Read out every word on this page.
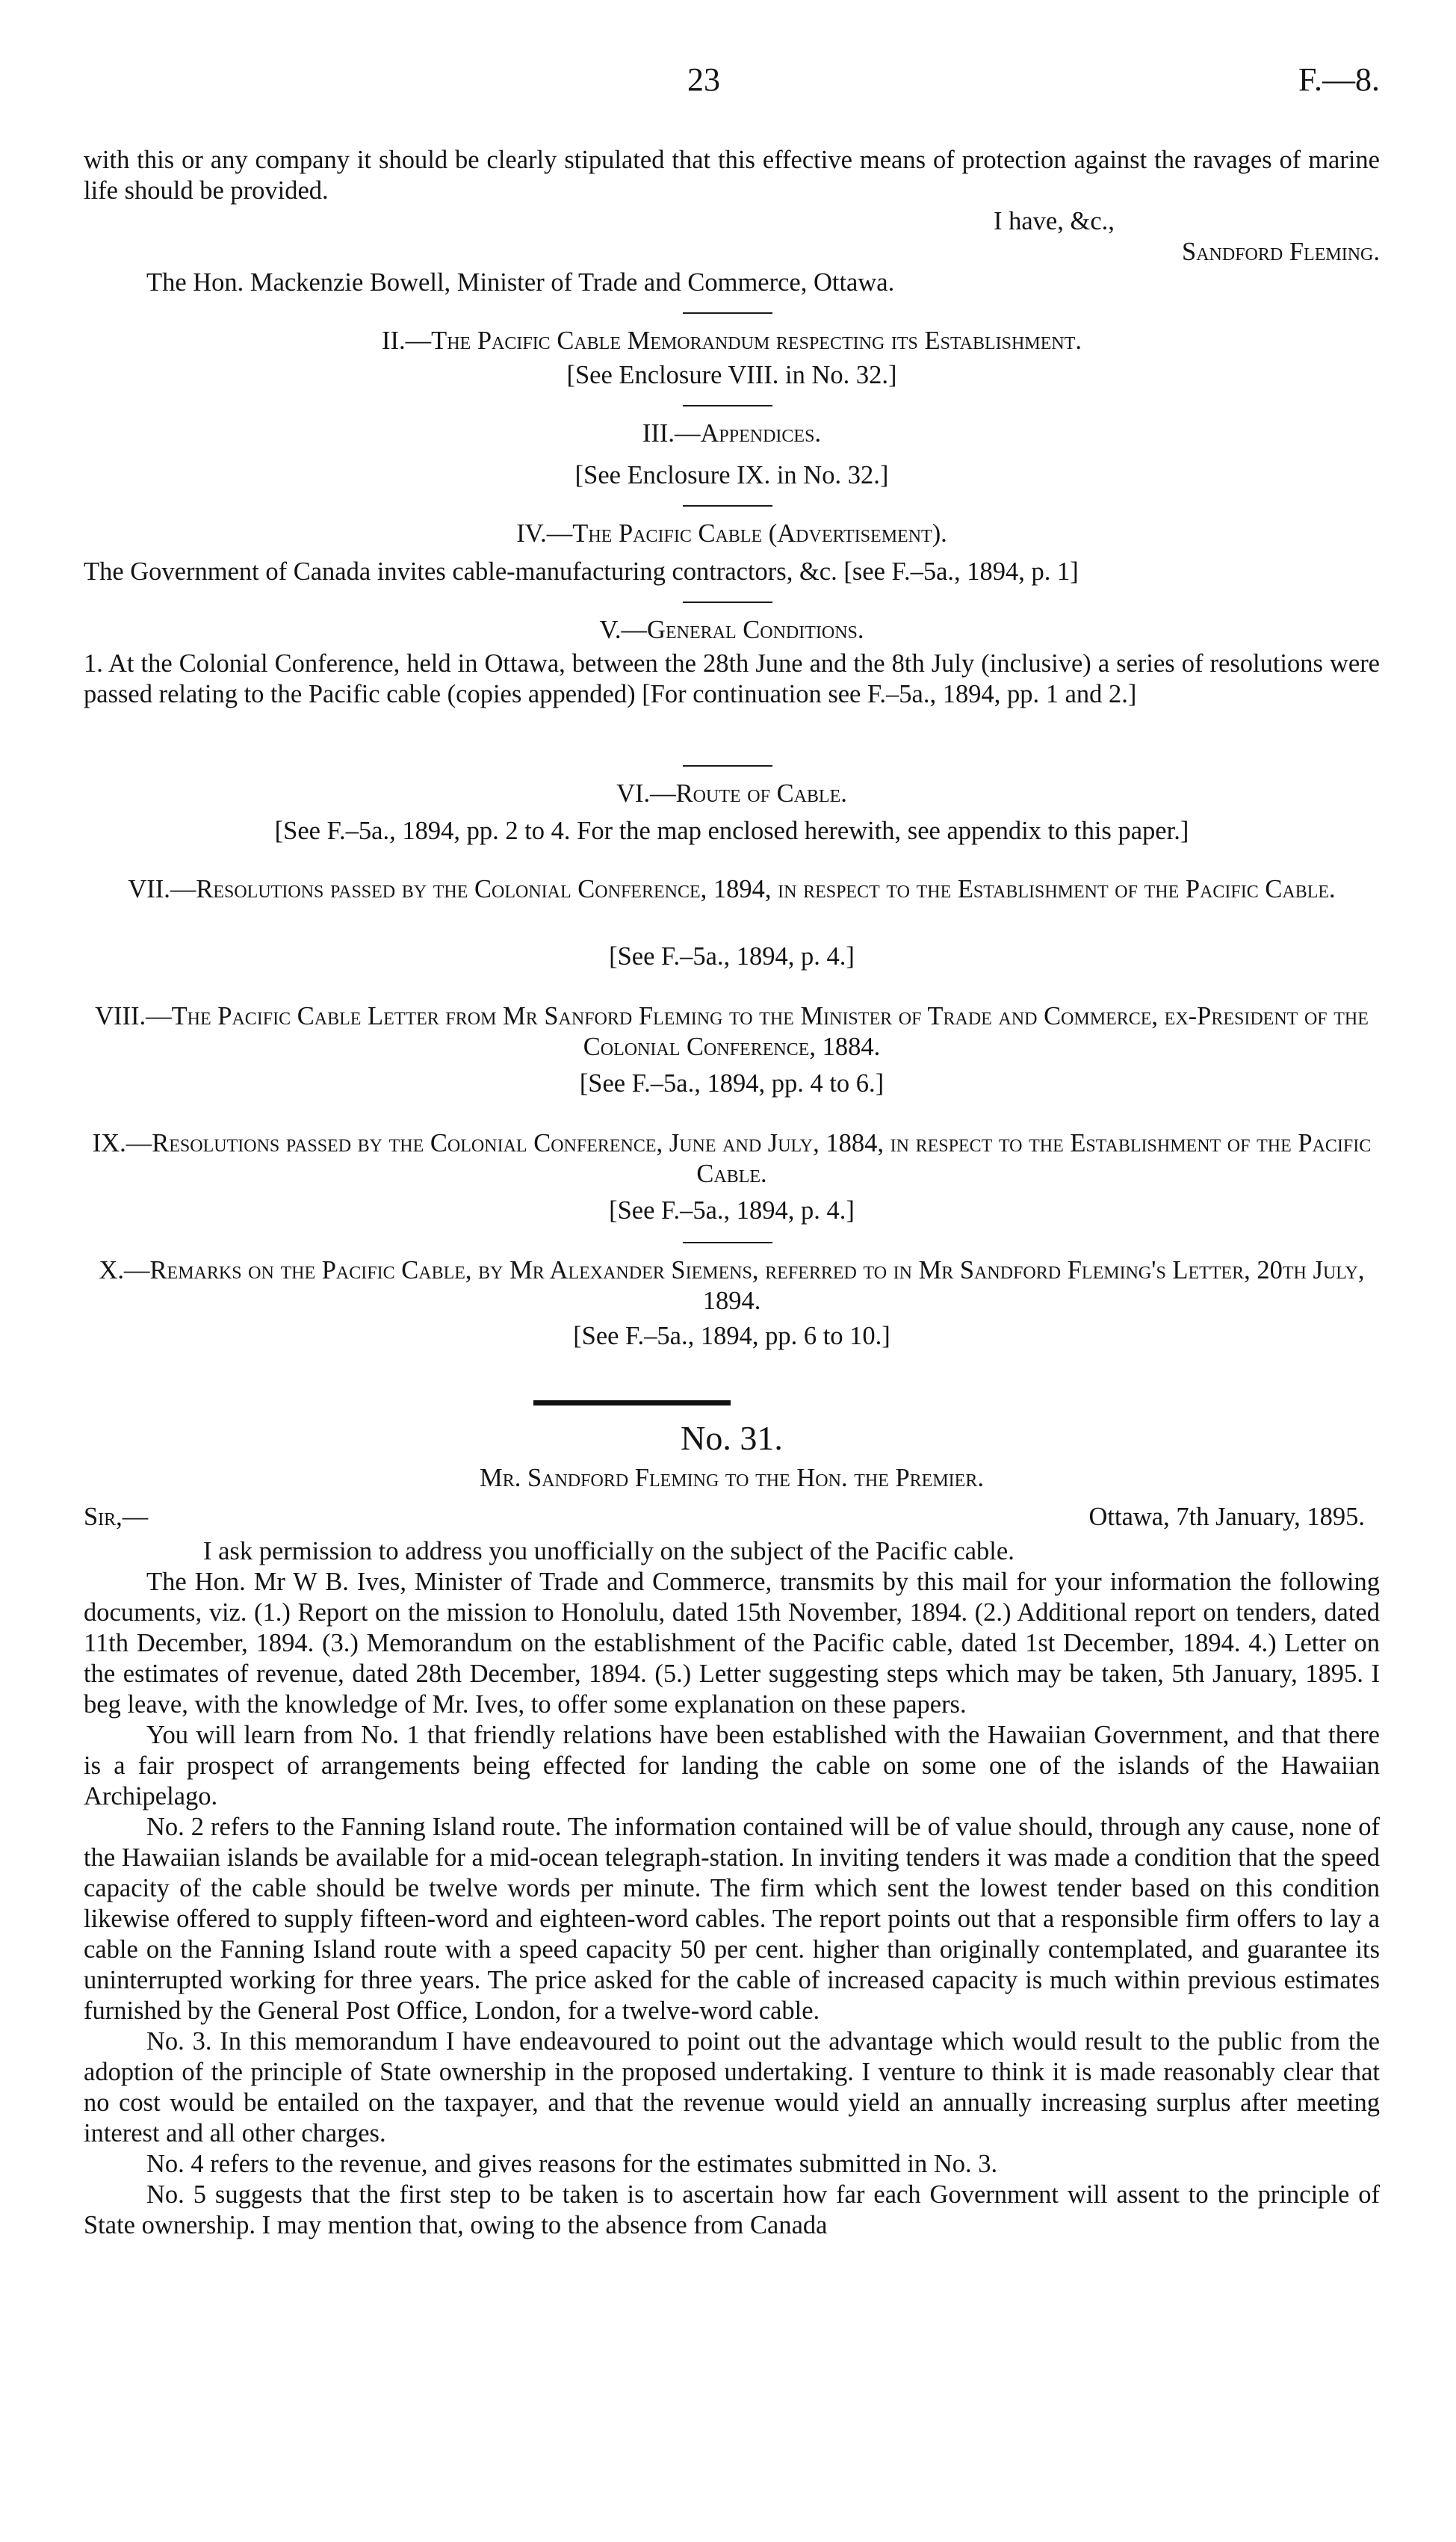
23	F.—8.

with this or any company it should be clearly stipulated that this effective means of protection against the ravages of marine life should be provided.

I have, &c.,

Sandford Fleming.

The Hon. Mackenzie Bowell, Minister of Trade and Commerce, Ottawa.

II.—The Pacific Cable Memorandum respecting its Establishment.

[See Enclosure VIII. in No. 32.]

III.—Appendices.

[See Enclosure IX. in No. 32.]

IV.—The Pacific Cable (Advertisement).

The Government of Canada invites cable-manufacturing contractors, &c. [see F.–5a., 1894, p. 1]

V.—General Conditions.

1. At the Colonial Conference, held in Ottawa, between the 28th June and the 8th July (inclusive) a series of resolutions were passed relating to the Pacific cable (copies appended) [For continuation see F.–5a., 1894, pp. 1 and 2.]

VI.—Route of Cable.

[See F.–5a., 1894, pp. 2 to 4. For the map enclosed herewith, see appendix to this paper.]

VII.—Resolutions passed by the Colonial Conference, 1894, in respect to the Establishment of the Pacific Cable.

[See F.–5a., 1894, p. 4.]

VIII.—The Pacific Cable Letter from Mr Sanford Fleming to the Minister of Trade and Commerce, ex-President of the Colonial Conference, 1884.

[See F.–5a., 1894, pp. 4 to 6.]

IX.—Resolutions passed by the Colonial Conference, June and July, 1884, in respect to the Establishment of the Pacific Cable.

[See F.–5a., 1894, p. 4.]

X.—Remarks on the Pacific Cable, by Mr Alexander Siemens, referred to in Mr Sandford Fleming's Letter, 20th July, 1894.

[See F.–5a., 1894, pp. 6 to 10.]

No. 31.

Mr. Sandford Fleming to the Hon. the Premier.

Sir,—	Ottawa, 7th January, 1895.

I ask permission to address you unofficially on the subject of the Pacific cable.

The Hon. Mr W B. Ives, Minister of Trade and Commerce, transmits by this mail for your information the following documents, viz. (1.) Report on the mission to Honolulu, dated 15th November, 1894. (2.) Additional report on tenders, dated 11th December, 1894. (3.) Memorandum on the establishment of the Pacific cable, dated 1st December, 1894. 4.) Letter on the estimates of revenue, dated 28th December, 1894. (5.) Letter suggesting steps which may be taken, 5th January, 1895. I beg leave, with the knowledge of Mr. Ives, to offer some explanation on these papers.

You will learn from No. 1 that friendly relations have been established with the Hawaiian Government, and that there is a fair prospect of arrangements being effected for landing the cable on some one of the islands of the Hawaiian Archipelago.

No. 2 refers to the Fanning Island route. The information contained will be of value should, through any cause, none of the Hawaiian islands be available for a mid-ocean telegraph-station. In inviting tenders it was made a condition that the speed capacity of the cable should be twelve words per minute. The firm which sent the lowest tender based on this condition likewise offered to supply fifteen-word and eighteen-word cables. The report points out that a responsible firm offers to lay a cable on the Fanning Island route with a speed capacity 50 per cent. higher than originally contemplated, and guarantee its uninterrupted working for three years. The price asked for the cable of increased capacity is much within previous estimates furnished by the General Post Office, London, for a twelve-word cable.

No. 3. In this memorandum I have endeavoured to point out the advantage which would result to the public from the adoption of the principle of State ownership in the proposed undertaking. I venture to think it is made reasonably clear that no cost would be entailed on the taxpayer, and that the revenue would yield an annually increasing surplus after meeting interest and all other charges.

No. 4 refers to the revenue, and gives reasons for the estimates submitted in No. 3.

No. 5 suggests that the first step to be taken is to ascertain how far each Government will assent to the principle of State ownership. I may mention that, owing to the absence from Canada
